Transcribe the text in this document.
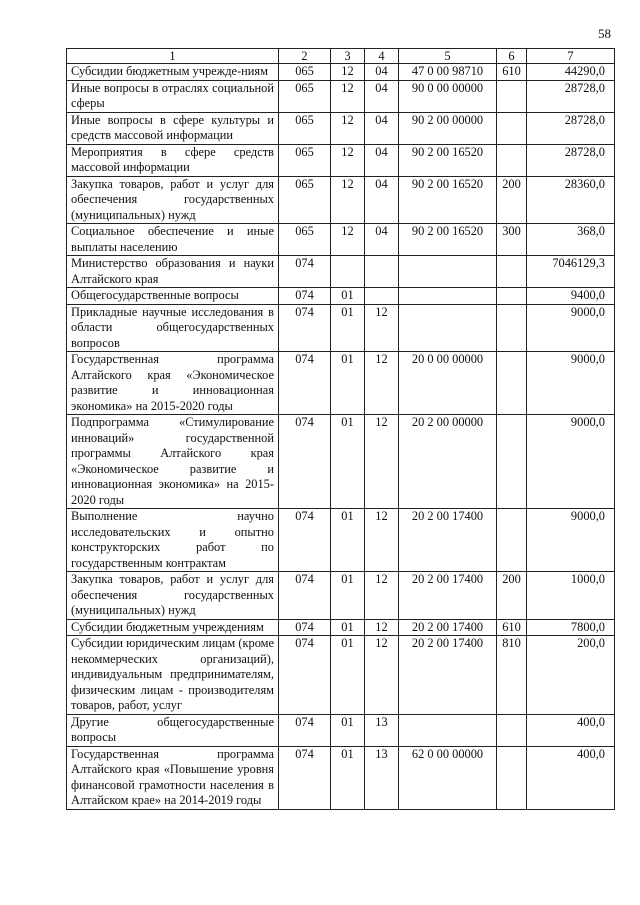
58
1	2	3	4	5	6	7
Субсидии бюджетным учрежде-ниям	065	12	04	47 0 00 98710	610	44290,0
Иные вопросы в отраслях социальной сферы	065	12	04	90 0 00 00000		28728,0
Иные вопросы в сфере культуры и средств массовой информации	065	12	04	90 2 00 00000		28728,0
Мероприятия в сфере средств массовой информации	065	12	04	90 2 00 16520		28728,0
Закупка товаров, работ и услуг для обеспечения государственных (муниципальных) нужд	065	12	04	90 2 00 16520	200	28360,0
Социальное обеспечение и иные выплаты населению	065	12	04	90 2 00 16520	300	368,0
Министерство образования и науки Алтайского края	074					7046129,3
Общегосударственные вопросы	074	01				9400,0
Прикладные научные исследования в области общегосударственных вопросов	074	01	12			9000,0
Государственная программа Алтайского края «Экономическое развитие и инновационная экономика» на 2015-2020 годы	074	01	12	20 0 00 00000		9000,0
Подпрограмма «Стимулирование инноваций» государственной программы Алтайского края «Экономическое развитие и инновационная экономика» на 2015-2020 годы	074	01	12	20 2 00 00000		9000,0
Выполнение научно исследовательских и опытно конструкторских работ по государственным контрактам	074	01	12	20 2 00 17400		9000,0
Закупка товаров, работ и услуг для обеспечения государственных (муниципальных) нужд	074	01	12	20 2 00 17400	200	1000,0
Субсидии бюджетным учреждениям	074	01	12	20 2 00 17400	610	7800,0
Субсидии юридическим лицам (кроме некоммерческих организаций), индивидуальным предпринимателям, физическим лицам - производителям товаров, работ, услуг	074	01	12	20 2 00 17400	810	200,0
Другие общегосударственные вопросы	074	01	13			400,0
Государственная программа Алтайского края «Повышение уровня финансовой грамотности населения в Алтайском крае» на 2014-2019 годы	074	01	13	62 0 00 00000		400,0
